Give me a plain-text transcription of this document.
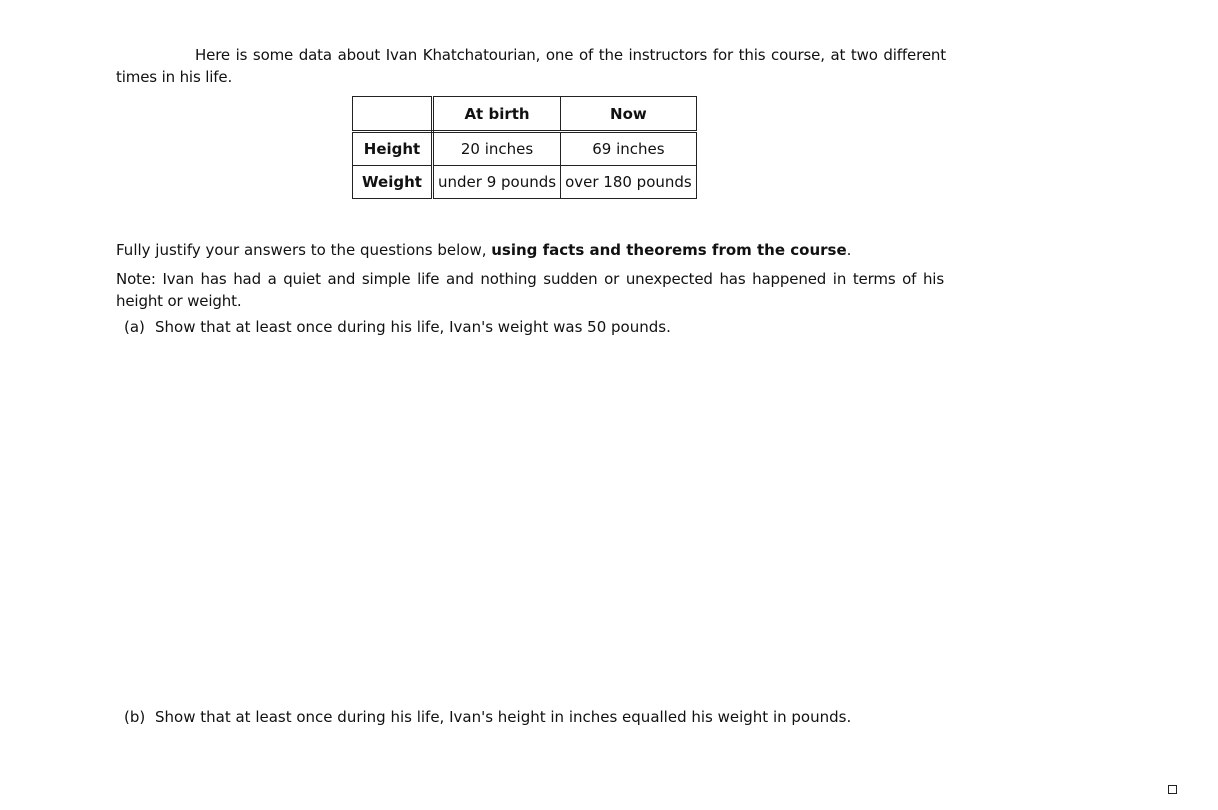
Here is some data about Ivan Khatchatourian, one of the instructors for this course, at two different times in his life.

	At birth	Now
Height	20 inches	69 inches
Weight	under 9 pounds	over 180 pounds

Fully justify your answers to the questions below, using facts and theorems from the course.

Note: Ivan has had a quiet and simple life and nothing sudden or unexpected has happened in terms of his height or weight.

(a) Show that at least once during his life, Ivan's weight was 50 pounds.
(b) Show that at least once during his life, Ivan's height in inches equalled his weight in pounds.
